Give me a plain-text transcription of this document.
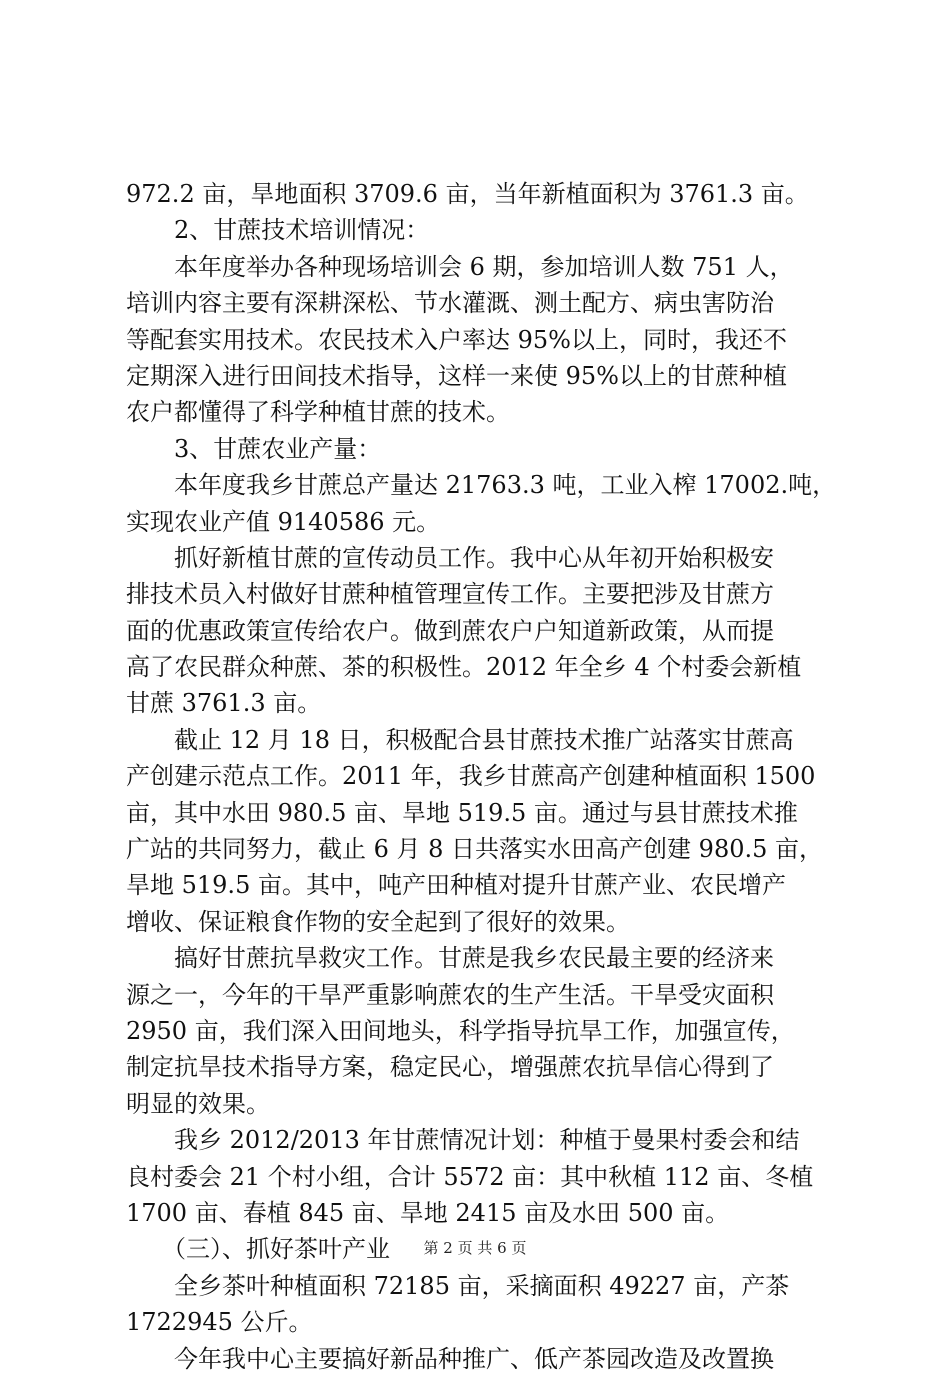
972.2 亩，旱地面积 3709.6 亩，当年新植面积为 3761.3 亩。
　　2、甘蔗技术培训情况：
　　本年度举办各种现场培训会 6 期，参加培训人数 751 人，
培训内容主要有深耕深松、节水灌溉、测土配方、病虫害防治
等配套实用技术。农民技术入户率达 95%以上，同时，我还不
定期深入进行田间技术指导，这样一来使 95%以上的甘蔗种植
农户都懂得了科学种植甘蔗的技术。
　　3、甘蔗农业产量：
　　本年度我乡甘蔗总产量达 21763.3 吨，工业入榨 17002.吨，
实现农业产值 9140586 元。
　　抓好新植甘蔗的宣传动员工作。我中心从年初开始积极安
排技术员入村做好甘蔗种植管理宣传工作。主要把涉及甘蔗方
面的优惠政策宣传给农户。做到蔗农户户知道新政策，从而提
高了农民群众种蔗、茶的积极性。2012 年全乡 4 个村委会新植
甘蔗 3761.3 亩。
　　截止 12 月 18 日，积极配合县甘蔗技术推广站落实甘蔗高
产创建示范点工作。2011 年，我乡甘蔗高产创建种植面积 1500
亩，其中水田 980.5 亩、旱地 519.5 亩。通过与县甘蔗技术推
广站的共同努力，截止 6 月 8 日共落实水田高产创建 980.5 亩，
旱地 519.5 亩。其中，吨产田种植对提升甘蔗产业、农民增产
增收、保证粮食作物的安全起到了很好的效果。
　　搞好甘蔗抗旱救灾工作。甘蔗是我乡农民最主要的经济来
源之一，今年的干旱严重影响蔗农的生产生活。干旱受灾面积
2950 亩，我们深入田间地头，科学指导抗旱工作，加强宣传，
制定抗旱技术指导方案，稳定民心，增强蔗农抗旱信心得到了
明显的效果。
　　我乡 2012/2013 年甘蔗情况计划：种植于曼果村委会和结
良村委会 21 个村小组，合计 5572 亩：其中秋植 112 亩、冬植
1700 亩、春植 845 亩、旱地 2415 亩及水田 500 亩。
　　（三）、抓好茶叶产业
　　全乡茶叶种植面积 72185 亩，采摘面积 49227 亩，产茶
1722945 公斤。
　　今年我中心主要搞好新品种推广、低产茶园改造及改置换
第 2 页 共 6 页
